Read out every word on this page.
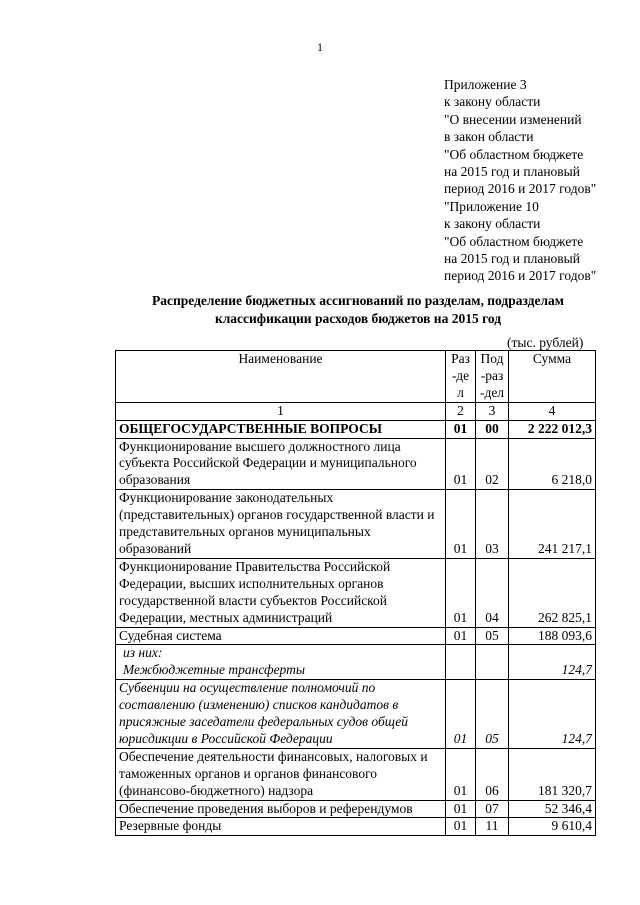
1
Приложение 3
к закону области
"О внесении изменений
в закон области
"Об областном бюджете
на 2015 год и плановый
период 2016 и 2017 годов"
"Приложение 10
к закону области
"Об областном бюджете
на 2015 год и плановый
период 2016 и 2017 годов"
Распределение бюджетных ассигнований по разделам, подразделам
классификации расходов бюджетов на 2015 год
(тыс. рублей)
Наименование	Раз-дел	Под-раз-дел	Сумма
1	2	3	4
ОБЩЕГОСУДАРСТВЕННЫЕ ВОПРОСЫ	01	00	2 222 012,3
Функционирование высшего должностного лица субъекта Российской Федерации и муниципального образования	01	02	6 218,0
Функционирование законодательных (представительных) органов государственной власти и представительных органов муниципальных образований	01	03	241 217,1
Функционирование Правительства Российской Федерации, высших исполнительных органов государственной власти субъектов Российской Федерации, местных администраций	01	04	262 825,1
Судебная система	01	05	188 093,6

из них:
Межбюджетные трансферты			124,7
Субвенции на осуществление полномочий по составлению (изменению) списков кандидатов в присяжные заседатели федеральных судов общей юрисдикции в Российской Федерации	01	05	124,7
Обеспечение деятельности финансовых, налоговых и таможенных органов и органов финансового (финансово-бюджетного) надзора	01	06	181 320,7
Обеспечение проведения выборов и референдумов	01	07	52 346,4
Резервные фонды	01	11	9 610,4
